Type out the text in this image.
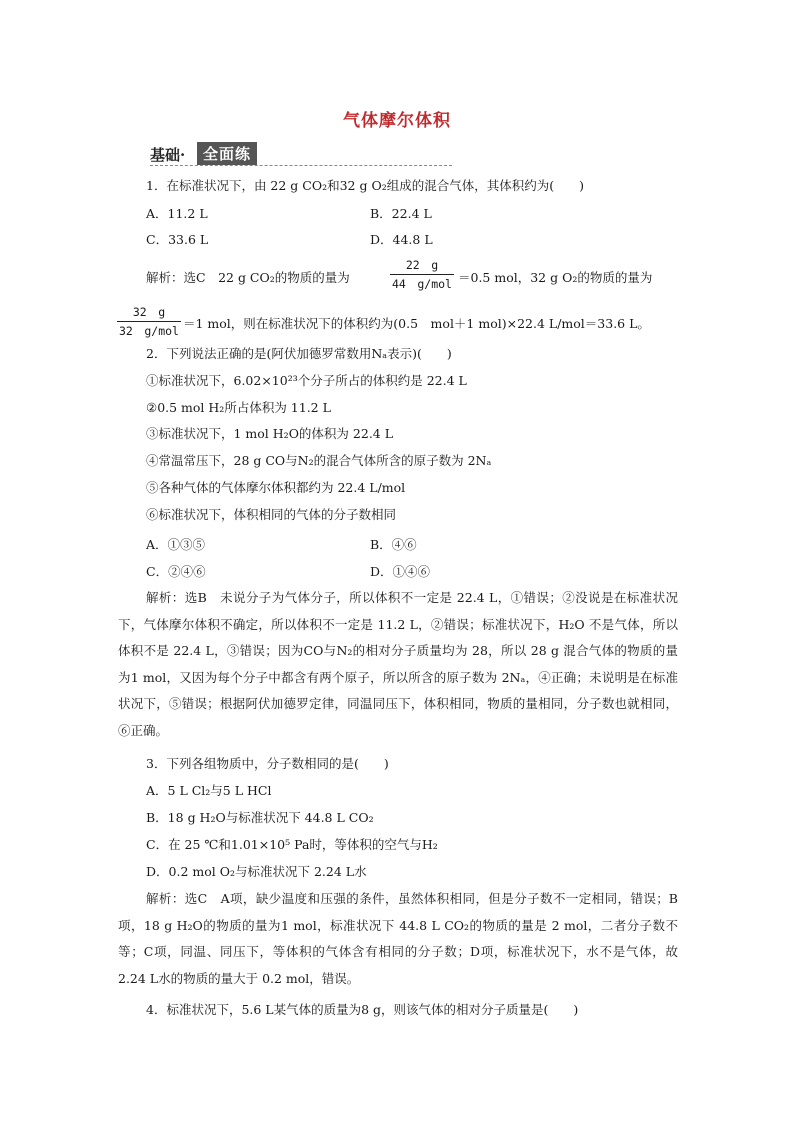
气体摩尔体积
基础·	全面练
1．在标准状况下，由 22 g CO₂和32 g O₂组成的混合气体，其体积约为(　　)
A．11.2 L	B．22.4 L
C．33.6 L	D．44.8 L
解析：选C　22 g CO₂的物质的量为
22　g
44　g/mol ＝0.5 mol，32 g O₂的物质的量为
32　g
32　g/mol ＝1 mol，则在标准状况下的体积约为(0.5　mol＋1 mol)×22.4 L/mol＝33.6 L。
2．下列说法正确的是(阿伏加德罗常数用Nₐ表示)(　　)
①标准状况下，6.02×10²³个分子所占的体积约是 22.4 L
②0.5 mol H₂所占体积为 11.2 L
③标准状况下，1 mol H₂O的体积为 22.4 L
④常温常压下，28 g CO与N₂的混合气体所含的原子数为 2Nₐ
⑤各种气体的气体摩尔体积都约为 22.4 L/mol
⑥标准状况下，体积相同的气体的分子数相同
A．①③⑤	B．④⑥
C．②④⑥	D．①④⑥
解析：选B　未说分子为气体分子，所以体积不一定是 22.4 L，①错误；②没说是在标准状况下，气体摩尔体积不确定，所以体积不一定是 11.2 L，②错误；标准状况下，H₂O 不是气体，所以体积不是 22.4 L，③错误；因为CO与N₂的相对分子质量均为 28，所以 28 g 混合气体的物质的量为1 mol，又因为每个分子中都含有两个原子，所以所含的原子数为 2Nₐ，④正确；未说明是在标准状况下，⑤错误；根据阿伏加德罗定律，同温同压下，体积相同，物质的量相同，分子数也就相同，⑥正确。
3．下列各组物质中，分子数相同的是(　　)
A．5 L Cl₂与5 L HCl
B．18 g H₂O与标准状况下 44.8 L CO₂
C．在 25 ℃和1.01×10⁵ Pa时，等体积的空气与H₂
D．0.2 mol O₂与标准状况下 2.24 L水
解析：选C　A项，缺少温度和压强的条件，虽然体积相同，但是分子数不一定相同，错误；B项，18 g H₂O的物质的量为1 mol，标准状况下 44.8 L CO₂的物质的量是 2 mol，二者分子数不等；C项，同温、同压下，等体积的气体含有相同的分子数；D项，标准状况下，水不是气体，故 2.24 L水的物质的量大于 0.2 mol，错误。
4．标准状况下，5.6 L某气体的质量为8 g，则该气体的相对分子质量是(　　)
